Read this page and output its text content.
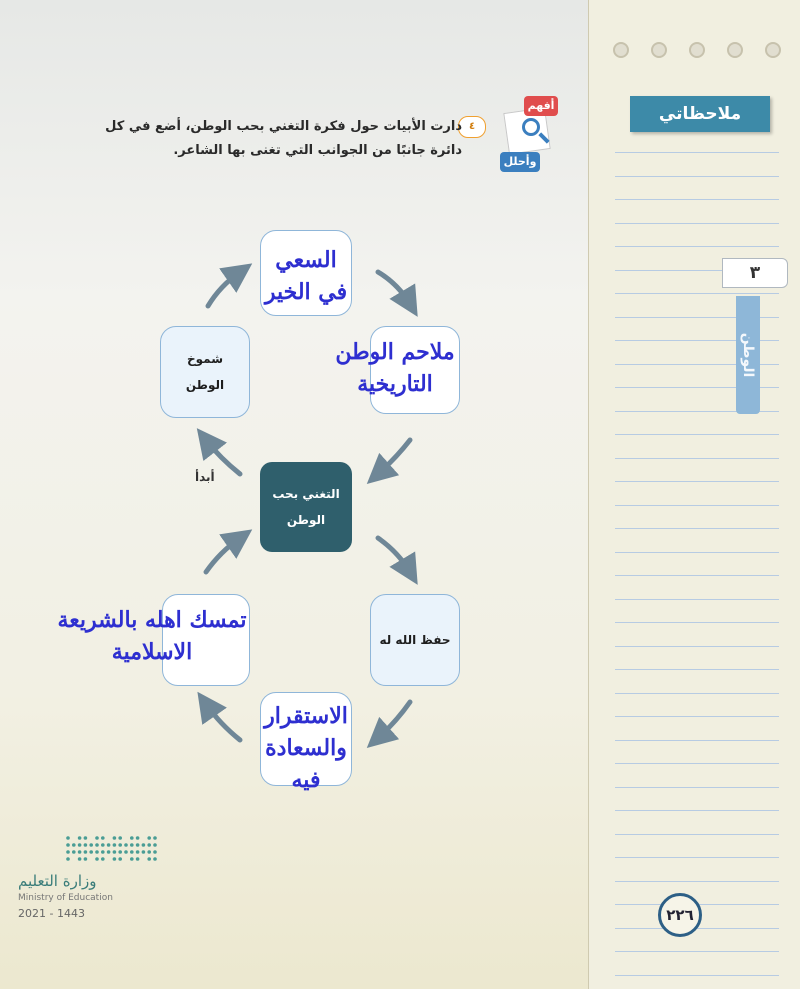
ملاحظاتي
٣
الوطن
٢٢٦
أفهم
وأحلل
٤
دارت الأبيات حول فكرة التغني بحب الوطن، أضع في كل دائرة جانبًا من الجوانب التي تغنى بها الشاعر.
السعي في الخير
ملاحم الوطن التاريخية
شموخ الوطن
التغني بحب الوطن
أبدأ
حفظ الله له
تمسك اهله بالشريعة الاسلامية
الاستقرار والسعادة فيه
وزارة التعليم
Ministry of Education
2021 - 1443
